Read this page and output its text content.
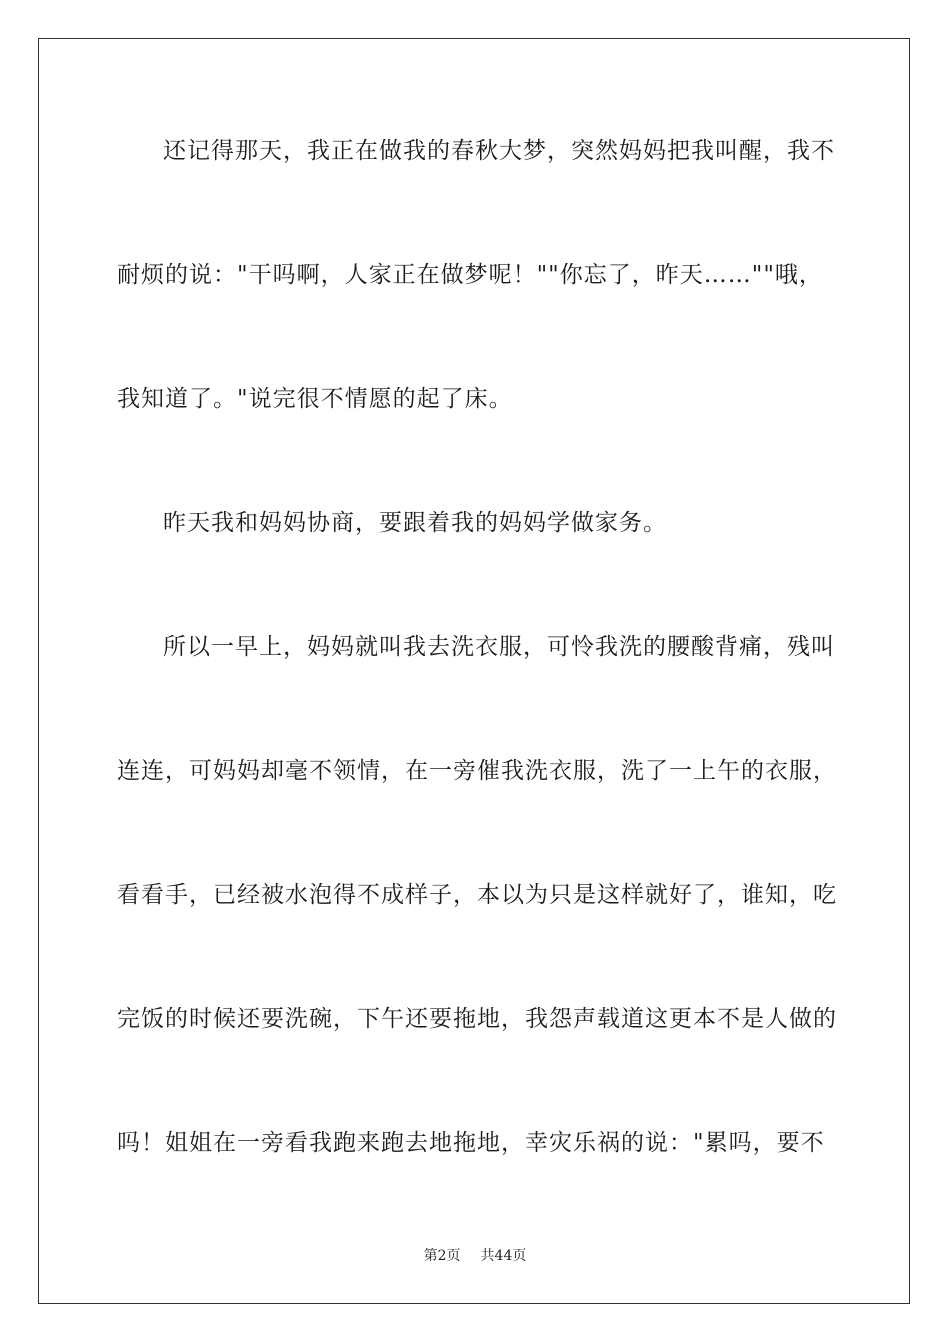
还记得那天，我正在做我的春秋大梦，突然妈妈把我叫醒，我不
耐烦的说："干吗啊，人家正在做梦呢！""你忘了，昨天……""哦，
我知道了。"说完很不情愿的起了床。
昨天我和妈妈协商，要跟着我的妈妈学做家务。
所以一早上，妈妈就叫我去洗衣服，可怜我洗的腰酸背痛，残叫
连连，可妈妈却毫不领情，在一旁催我洗衣服，洗了一上午的衣服，
看看手，已经被水泡得不成样子，本以为只是这样就好了，谁知，吃
完饭的时候还要洗碗，下午还要拖地，我怨声载道这更本不是人做的
吗！姐姐在一旁看我跑来跑去地拖地，幸灾乐祸的说："累吗，要不
第2页 共44页
